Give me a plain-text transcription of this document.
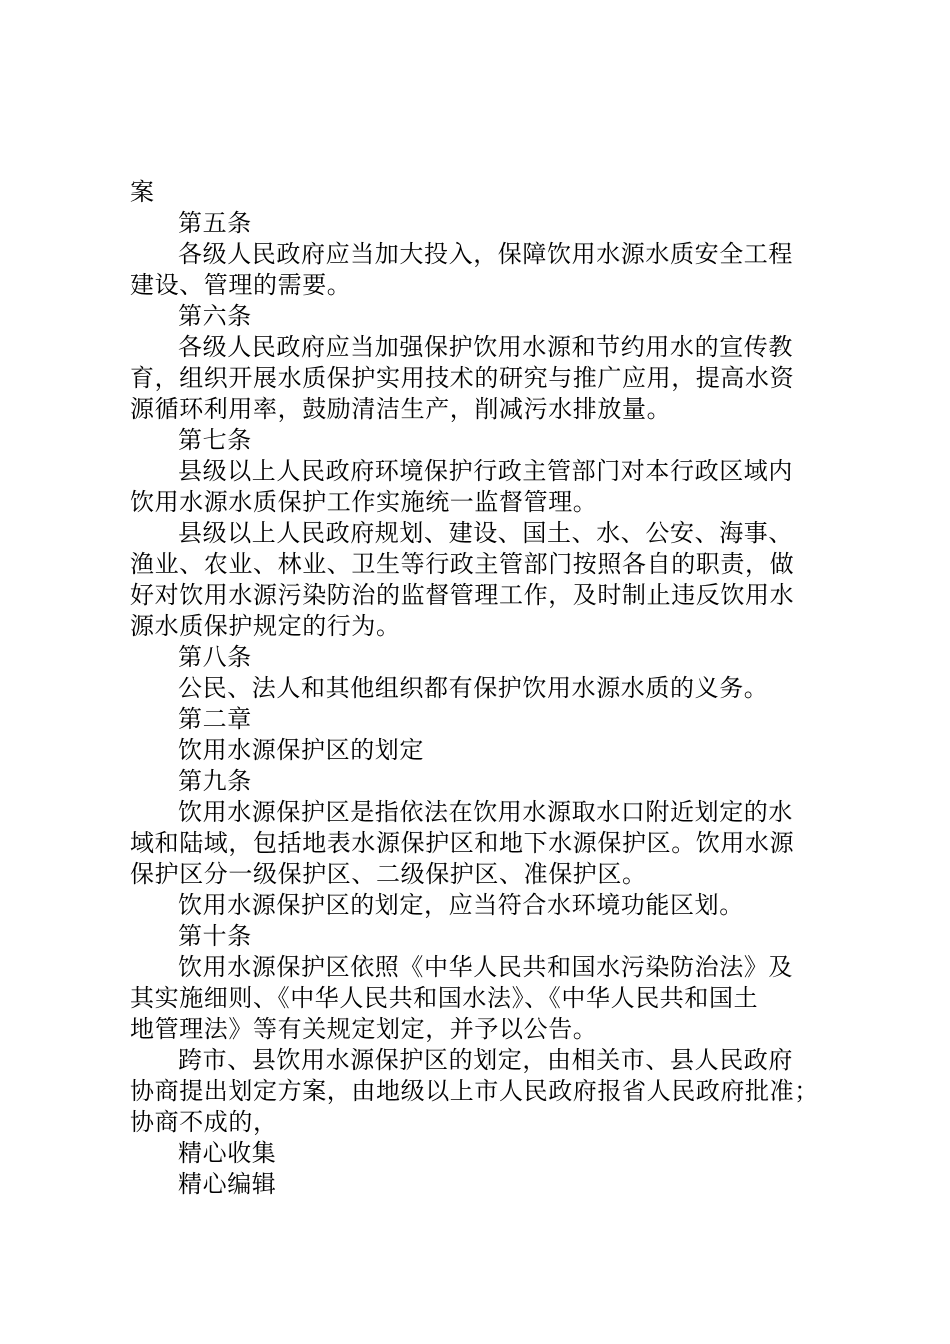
案
第五条
各级人民政府应当加大投入，保障饮用水源水质安全工程
建设、管理的需要。
第六条
各级人民政府应当加强保护饮用水源和节约用水的宣传教
育，组织开展水质保护实用技术的研究与推广应用，提高水资
源循环利用率，鼓励清洁生产，削减污水排放量。
第七条
县级以上人民政府环境保护行政主管部门对本行政区域内
饮用水源水质保护工作实施统一监督管理。
县级以上人民政府规划、建设、国土、水、公安、海事、
渔业、农业、林业、卫生等行政主管部门按照各自的职责，做
好对饮用水源污染防治的监督管理工作，及时制止违反饮用水
源水质保护规定的行为。
第八条
公民、法人和其他组织都有保护饮用水源水质的义务。
第二章
饮用水源保护区的划定
第九条
饮用水源保护区是指依法在饮用水源取水口附近划定的水
域和陆域，包括地表水源保护区和地下水源保护区。饮用水源
保护区分一级保护区、二级保护区、准保护区。
饮用水源保护区的划定，应当符合水环境功能区划。
第十条
饮用水源保护区依照《中华人民共和国水污染防治法》及
其实施细则、《中华人民共和国水法》、《中华人民共和国土
地管理法》等有关规定划定，并予以公告。
跨市、县饮用水源保护区的划定，由相关市、县人民政府
协商提出划定方案，由地级以上市人民政府报省人民政府批准；
协商不成的，
精心收集
精心编辑
